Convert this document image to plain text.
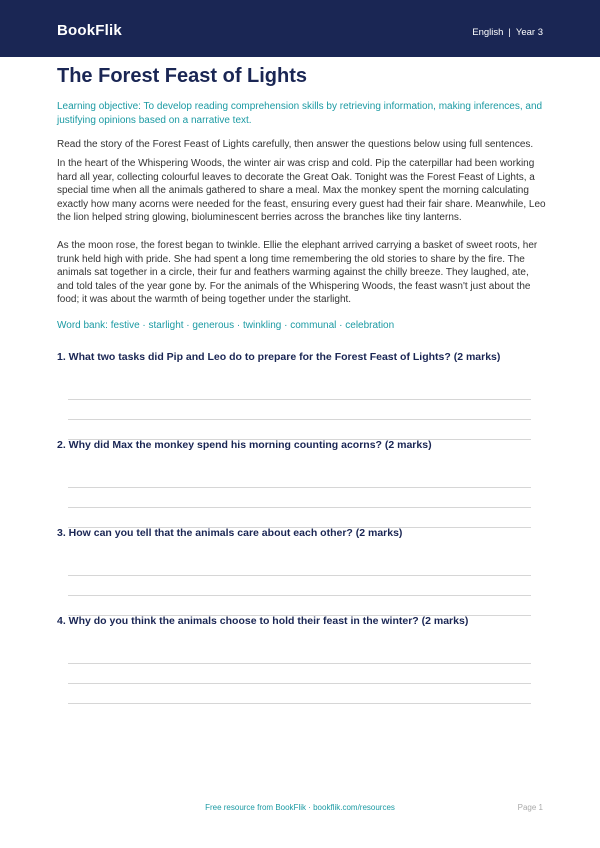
BookFlik	English | Year 3
The Forest Feast of Lights
Learning objective: To develop reading comprehension skills by retrieving information, making inferences, and justifying opinions based on a narrative text.
Read the story of the Forest Feast of Lights carefully, then answer the questions below using full sentences.
In the heart of the Whispering Woods, the winter air was crisp and cold. Pip the caterpillar had been working hard all year, collecting colourful leaves to decorate the Great Oak. Tonight was the Forest Feast of Lights, a special time when all the animals gathered to share a meal. Max the monkey spent the morning calculating exactly how many acorns were needed for the feast, ensuring every guest had their fair share. Meanwhile, Leo the lion helped string glowing, bioluminescent berries across the branches like tiny lanterns.
As the moon rose, the forest began to twinkle. Ellie the elephant arrived carrying a basket of sweet roots, her trunk held high with pride. She had spent a long time remembering the old stories to share by the fire. The animals sat together in a circle, their fur and feathers warming against the chilly breeze. They laughed, ate, and told tales of the year gone by. For the animals of the Whispering Woods, the feast wasn't just about the food; it was about the warmth of being together under the starlight.
Word bank: festive · starlight · generous · twinkling · communal · celebration
1. What two tasks did Pip and Leo do to prepare for the Forest Feast of Lights? (2 marks)
2. Why did Max the monkey spend his morning counting acorns? (2 marks)
3. How can you tell that the animals care about each other? (2 marks)
4. Why do you think the animals choose to hold their feast in the winter? (2 marks)
Free resource from BookFlik · bookflik.com/resources	Page 1
